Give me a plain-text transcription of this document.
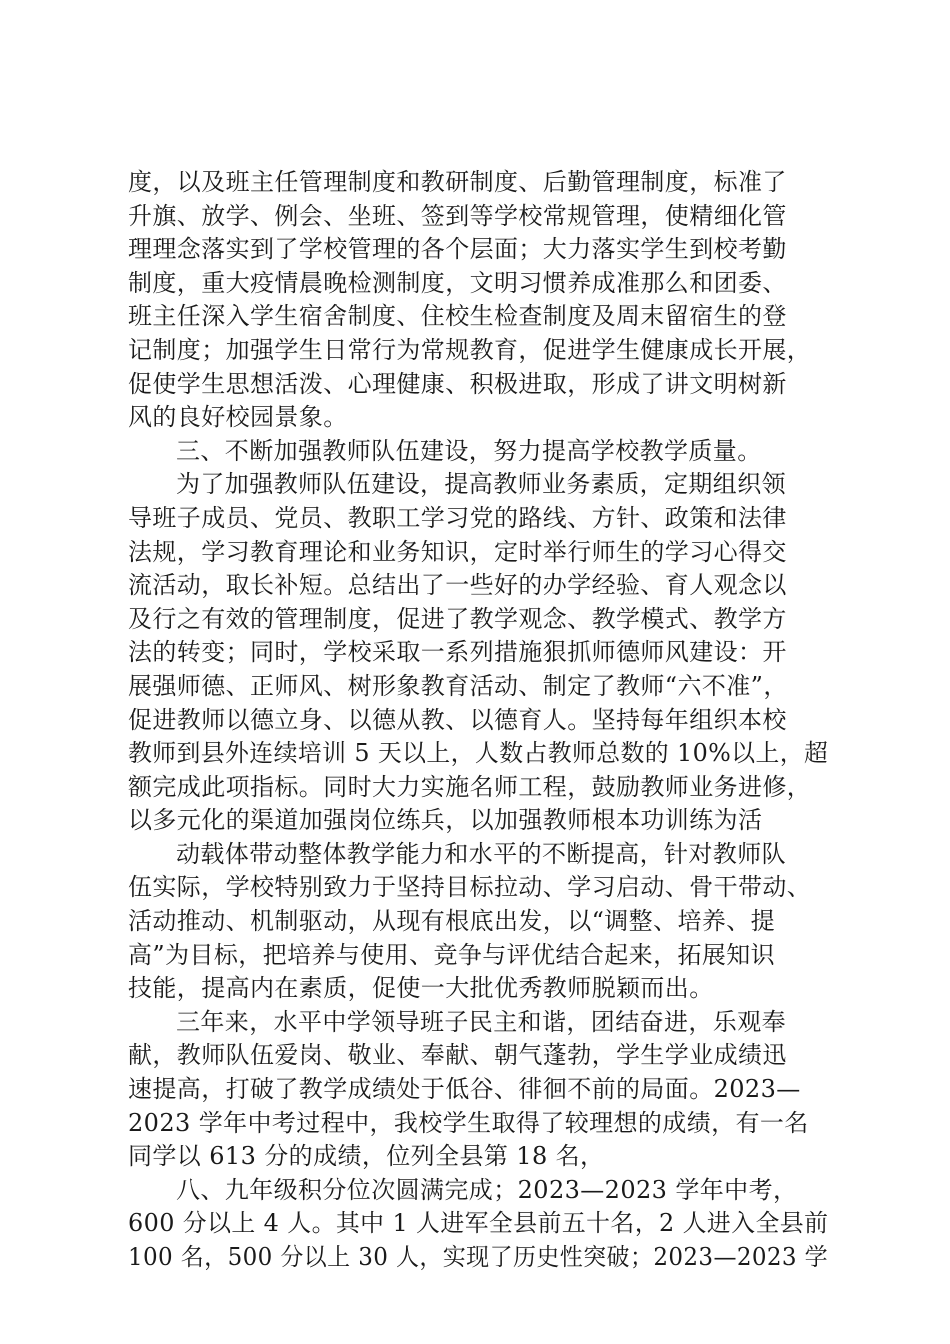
度，以及班主任管理制度和教研制度、后勤管理制度，标准了
升旗、放学、例会、坐班、签到等学校常规管理，使精细化管
理理念落实到了学校管理的各个层面；大力落实学生到校考勤
制度，重大疫情晨晚检测制度，文明习惯养成准那么和团委、
班主任深入学生宿舍制度、住校生检查制度及周末留宿生的登
记制度；加强学生日常行为常规教育，促进学生健康成长开展，
促使学生思想活泼、心理健康、积极进取，形成了讲文明树新
风的良好校园景象。
三、不断加强教师队伍建设，努力提高学校教学质量。
为了加强教师队伍建设，提高教师业务素质，定期组织领
导班子成员、党员、教职工学习党的路线、方针、政策和法律
法规，学习教育理论和业务知识，定时举行师生的学习心得交
流活动，取长补短。总结出了一些好的办学经验、育人观念以
及行之有效的管理制度，促进了教学观念、教学模式、教学方
法的转变；同时，学校采取一系列措施狠抓师德师风建设：开
展强师德、正师风、树形象教育活动、制定了教师“六不准”，
促进教师以德立身、以德从教、以德育人。坚持每年组织本校
教师到县外连续培训 5 天以上，人数占教师总数的 10%以上，超
额完成此项指标。同时大力实施名师工程，鼓励教师业务进修，
以多元化的渠道加强岗位练兵，以加强教师根本功训练为活
动载体带动整体教学能力和水平的不断提高，针对教师队
伍实际，学校特别致力于坚持目标拉动、学习启动、骨干带动、
活动推动、机制驱动，从现有根底出发，以“调整、培养、提
高”为目标，把培养与使用、竞争与评优结合起来，拓展知识
技能，提高内在素质，促使一大批优秀教师脱颖而出。
三年来，水平中学领导班子民主和谐，团结奋进，乐观奉
献，教师队伍爱岗、敬业、奉献、朝气蓬勃，学生学业成绩迅
速提高，打破了教学成绩处于低谷、徘徊不前的局面。2023—
2023 学年中考过程中，我校学生取得了较理想的成绩，有一名
同学以 613 分的成绩，位列全县第 18 名，
八、九年级积分位次圆满完成；2023—2023 学年中考，
600 分以上 4 人。其中 1 人进军全县前五十名，2 人进入全县前
100 名，500 分以上 30 人，实现了历史性突破；2023—2023 学
